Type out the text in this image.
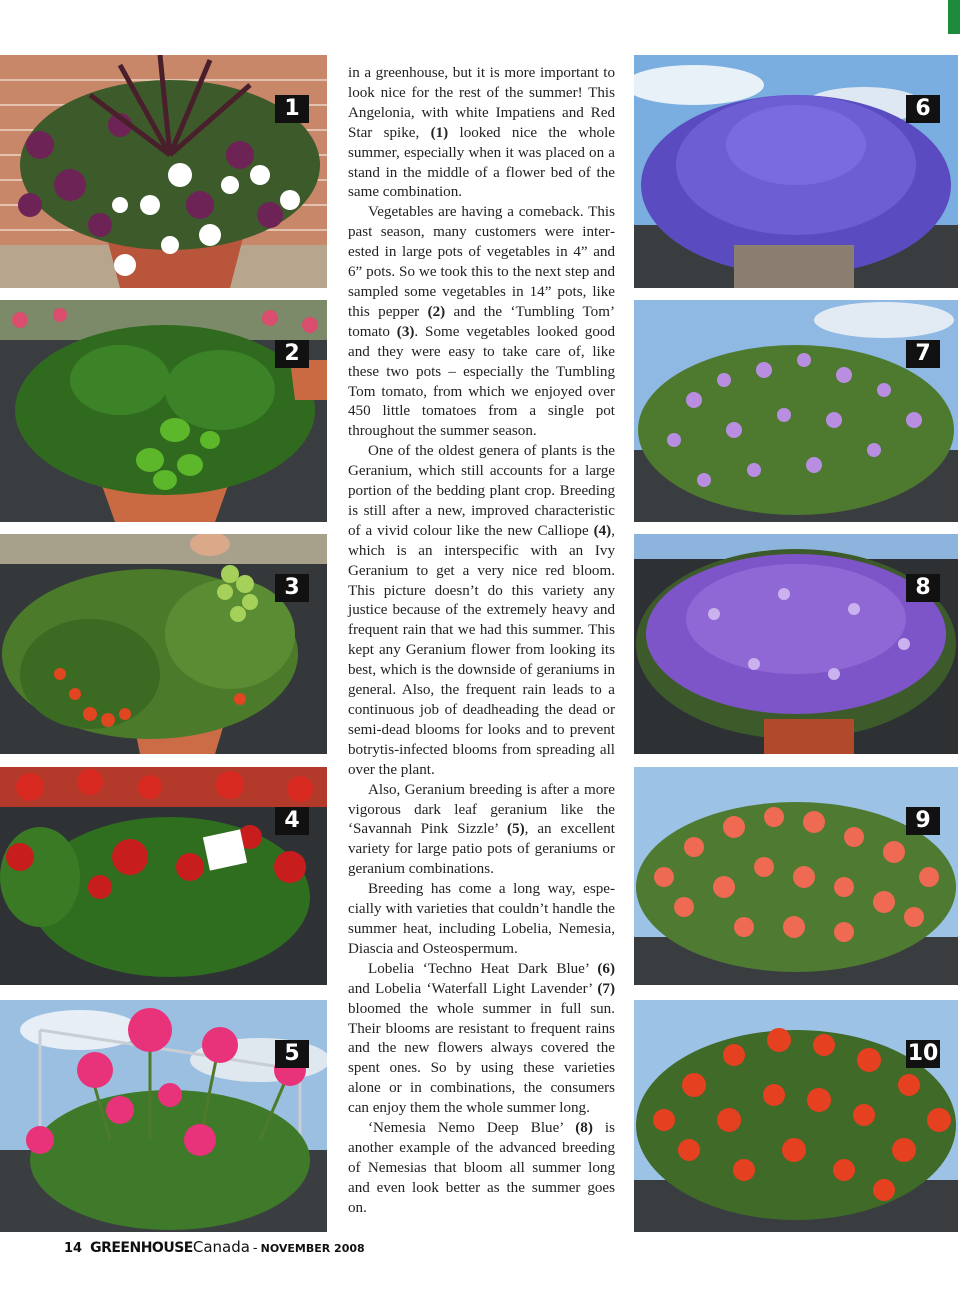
1
2
3
4
5
6
7
8
9
10

in a greenhouse, but it is more important to look nice for the rest of the summer! This Angelonia, with white Impatiens and Red Star spike, (1) looked nice the whole summer, especially when it was placed on a stand in the middle of a flower bed of the same combination.

Vegetables are having a comeback. This past season, many customers were interested in large pots of vegetables in 4” and 6” pots. So we took this to the next step and sampled some vegetables in 14” pots, like this pepper (2) and the ‘Tumbling Tom’ tomato (3). Some vegetables looked good and they were easy to take care of, like these two pots – especially the Tumbling Tom tomato, from which we enjoyed over 450 little tomatoes from a single pot throughout the summer season.

One of the oldest genera of plants is the Geranium, which still accounts for a large portion of the bedding plant crop. Breeding is still after a new, improved characteristic of a vivid colour like the new Calliope (4), which is an interspecific with an Ivy Geranium to get a very nice red bloom. This picture doesn’t do this variety any justice because of the extremely heavy and frequent rain that we had this summer. This kept any Geranium flower from looking its best, which is the downside of geraniums in general. Also, the frequent rain leads to a continuous job of deadheading the dead or semi-dead blooms for looks and to prevent botrytis-infected blooms from spreading all over the plant.

Also, Geranium breeding is after a more vigorous dark leaf geranium like the ‘Savannah Pink Sizzle’ (5), an excellent variety for large patio pots of geraniums or geranium combinations.

Breeding has come a long way, especially with varieties that couldn’t handle the summer heat, including Lobelia, Nemesia, Diascia and Osteospermum.

Lobelia ‘Techno Heat Dark Blue’ (6) and Lobelia ‘Waterfall Light Lavender’ (7) bloomed the whole summer in full sun. Their blooms are resistant to frequent rains and the new flowers always covered the spent ones. So by using these varieties alone or in combinations, the consumers can enjoy them the whole summer long.

‘Nemesia Nemo Deep Blue’ (8) is another example of the advanced breeding of Nemesias that bloom all summer long and even look better as the summer goes on.

14 GREENHOUSE Canada - NOVEMBER 2008
